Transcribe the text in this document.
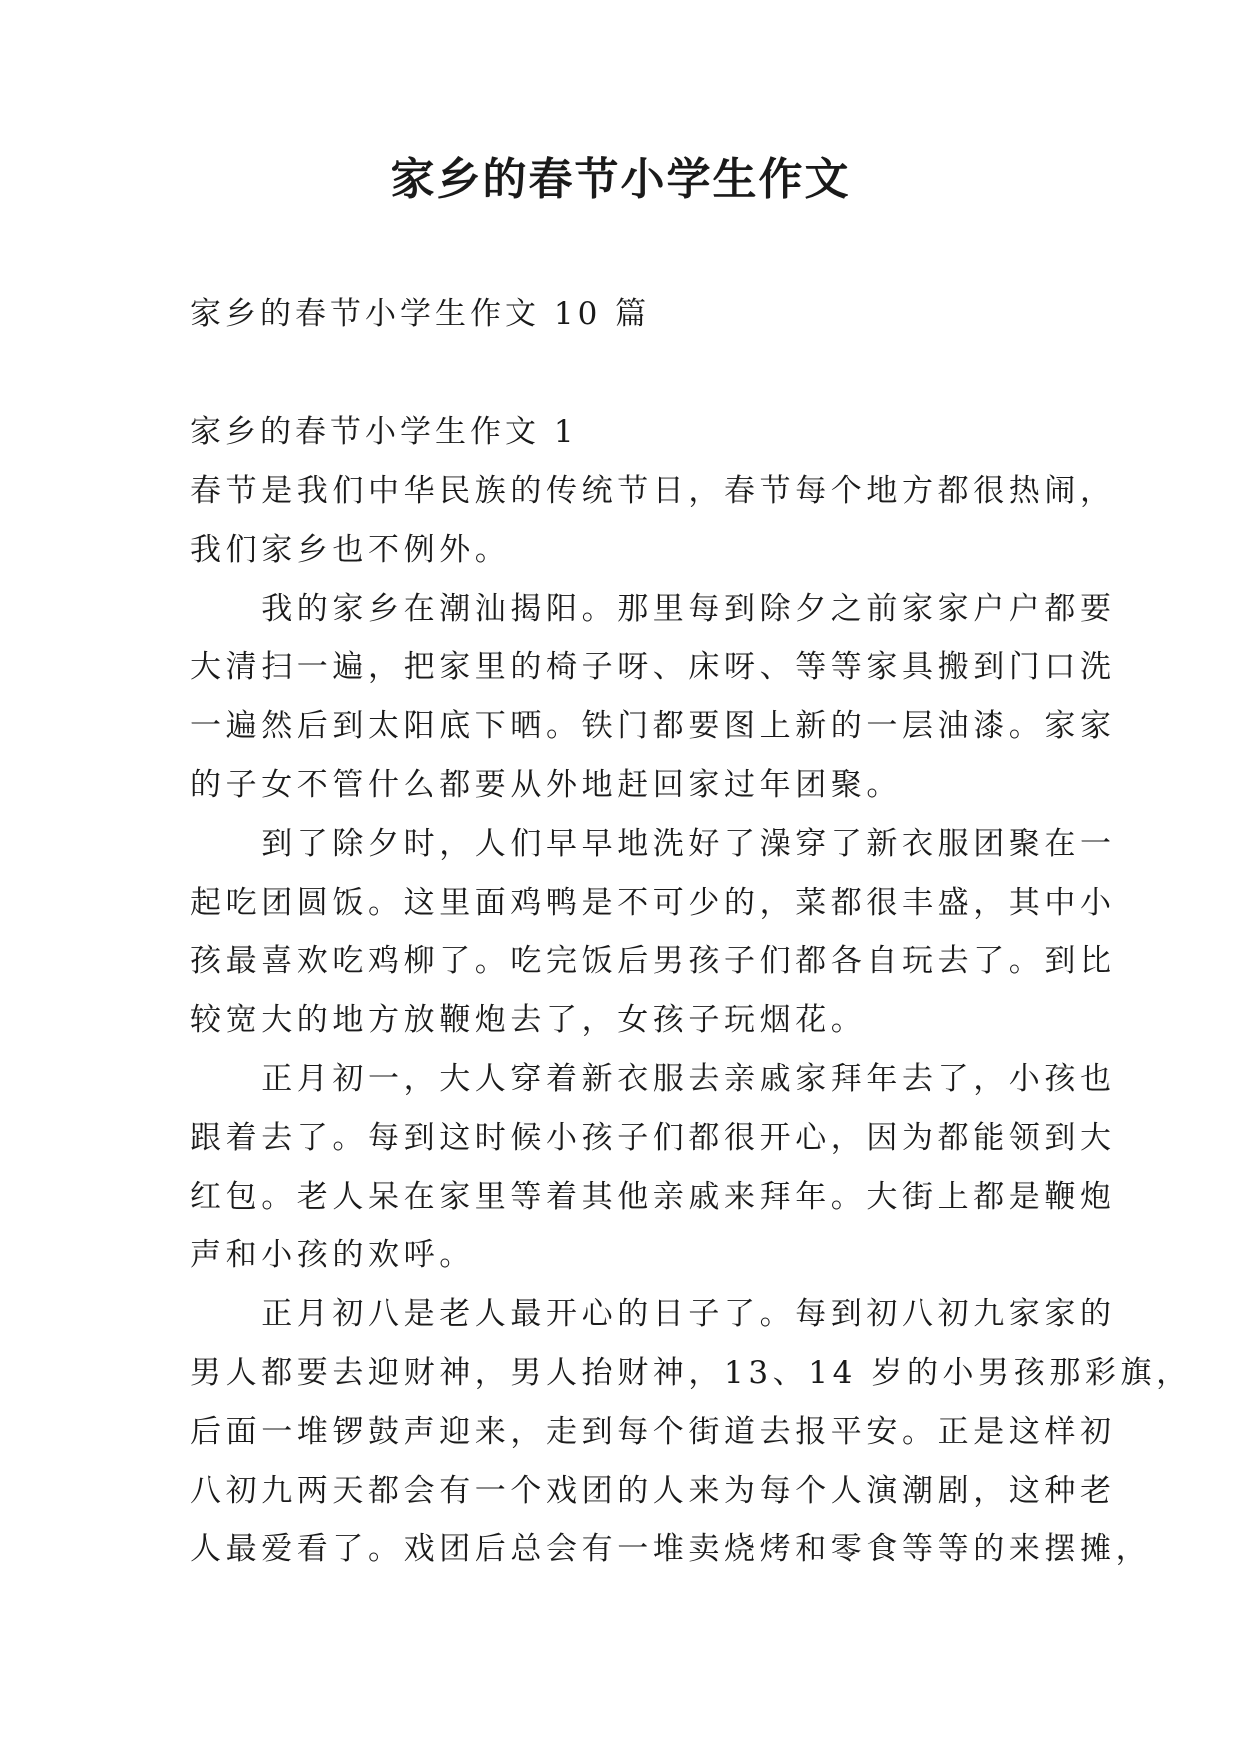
家乡的春节小学生作文
家乡的春节小学生作文 10 篇
家乡的春节小学生作文 1
春节是我们中华民族的传统节日，春节每个地方都很热闹，
我们家乡也不例外。
　　我的家乡在潮汕揭阳。那里每到除夕之前家家户户都要
大清扫一遍，把家里的椅子呀、床呀、等等家具搬到门口洗
一遍然后到太阳底下晒。铁门都要图上新的一层油漆。家家
的子女不管什么都要从外地赶回家过年团聚。
　　到了除夕时，人们早早地洗好了澡穿了新衣服团聚在一
起吃团圆饭。这里面鸡鸭是不可少的，菜都很丰盛，其中小
孩最喜欢吃鸡柳了。吃完饭后男孩子们都各自玩去了。到比
较宽大的地方放鞭炮去了，女孩子玩烟花。
　　正月初一，大人穿着新衣服去亲戚家拜年去了，小孩也
跟着去了。每到这时候小孩子们都很开心，因为都能领到大
红包。老人呆在家里等着其他亲戚来拜年。大街上都是鞭炮
声和小孩的欢呼。
　　正月初八是老人最开心的日子了。每到初八初九家家的
男人都要去迎财神，男人抬财神，13、14 岁的小男孩那彩旗，
后面一堆锣鼓声迎来，走到每个街道去报平安。正是这样初
八初九两天都会有一个戏团的人来为每个人演潮剧，这种老
人最爱看了。戏团后总会有一堆卖烧烤和零食等等的来摆摊，
